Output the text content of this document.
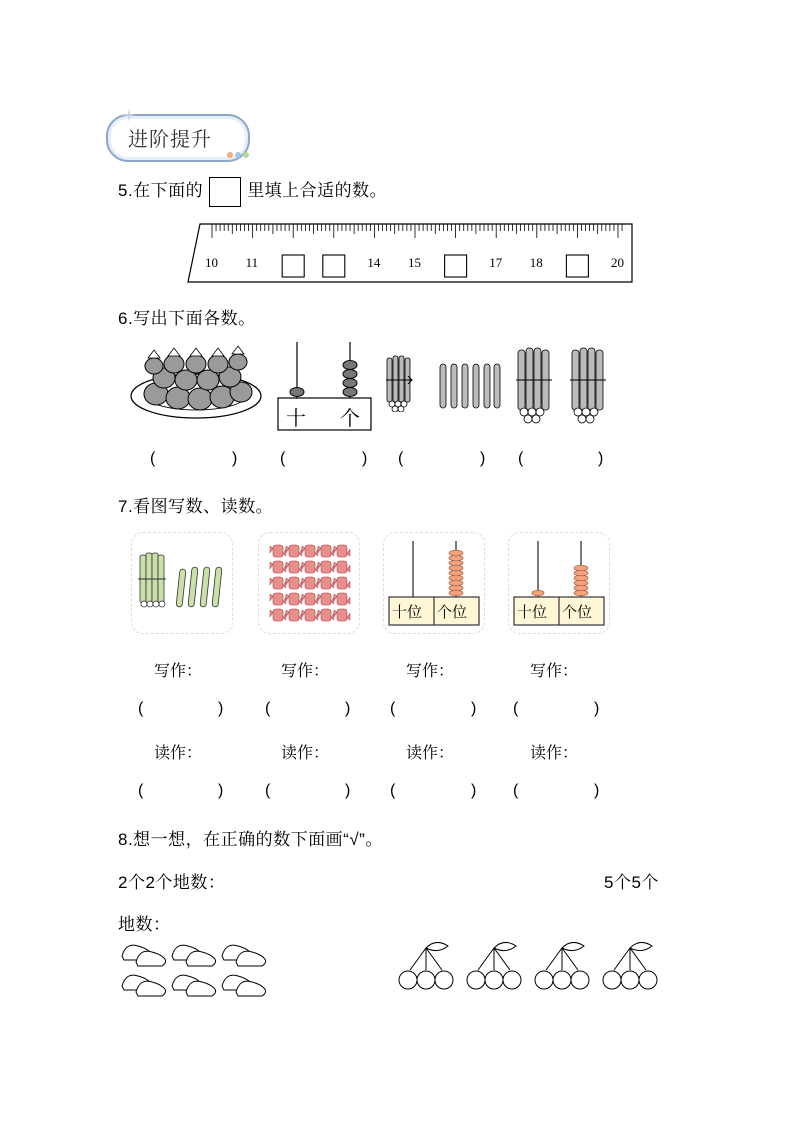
进阶提升
5.在下面的	里填上合适的数。
10 11	14 15	17 18	20
6.写出下面各数。
十 个
(	)	(	) (	) (	)
7.看图写数、读数。
十位 个位	十位 个位
写作：	写作：	写作：	写作：
(	)	(	) (	) (	)
读作：	读作：	读作：	读作：
(	)	(	) (	) (	)
8.想一想，在正确的数下面画“√”。
2个2个地数：	5个5个
地数：
